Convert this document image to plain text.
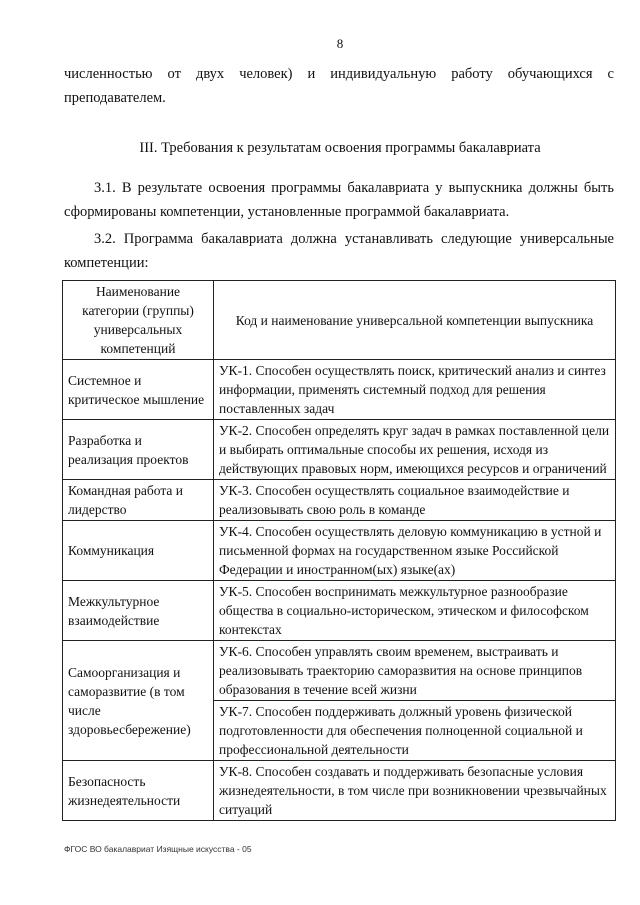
8

численностью от двух человек) и индивидуальную работу обучающихся с преподавателем.

III. Требования к результатам освоения программы бакалавриата

3.1. В результате освоения программы бакалавриата у выпускника должны быть сформированы компетенции, установленные программой бакалавриата.

3.2. Программа бакалавриата должна устанавливать следующие универсальные компетенции:

Наименование категории (группы) универсальных компетенций	Код и наименование универсальной компетенции выпускника
Системное и критическое мышление	УК-1. Способен осуществлять поиск, критический анализ и синтез информации, применять системный подход для решения поставленных задач
Разработка и реализация проектов	УК-2. Способен определять круг задач в рамках поставленной цели и выбирать оптимальные способы их решения, исходя из действующих правовых норм, имеющихся ресурсов и ограничений
Командная работа и лидерство	УК-3. Способен осуществлять социальное взаимодействие и реализовывать свою роль в команде
Коммуникация	УК-4. Способен осуществлять деловую коммуникацию в устной и письменной формах на государственном языке Российской Федерации и иностранном(ых) языке(ах)
Межкультурное взаимодействие	УК-5. Способен воспринимать межкультурное разнообразие общества в социально-историческом, этическом и философском контекстах
Самоорганизация и саморазвитие (в том числе здоровьесбережение)	УК-6. Способен управлять своим временем, выстраивать и реализовывать траекторию саморазвития на основе принципов образования в течение всей жизни
	УК-7. Способен поддерживать должный уровень физической подготовленности для обеспечения полноценной социальной и профессиональной деятельности
Безопасность жизнедеятельности	УК-8. Способен создавать и поддерживать безопасные условия жизнедеятельности, в том числе при возникновении чрезвычайных ситуаций
ФГОС ВО бакалавриат Изящные искусства - 05
